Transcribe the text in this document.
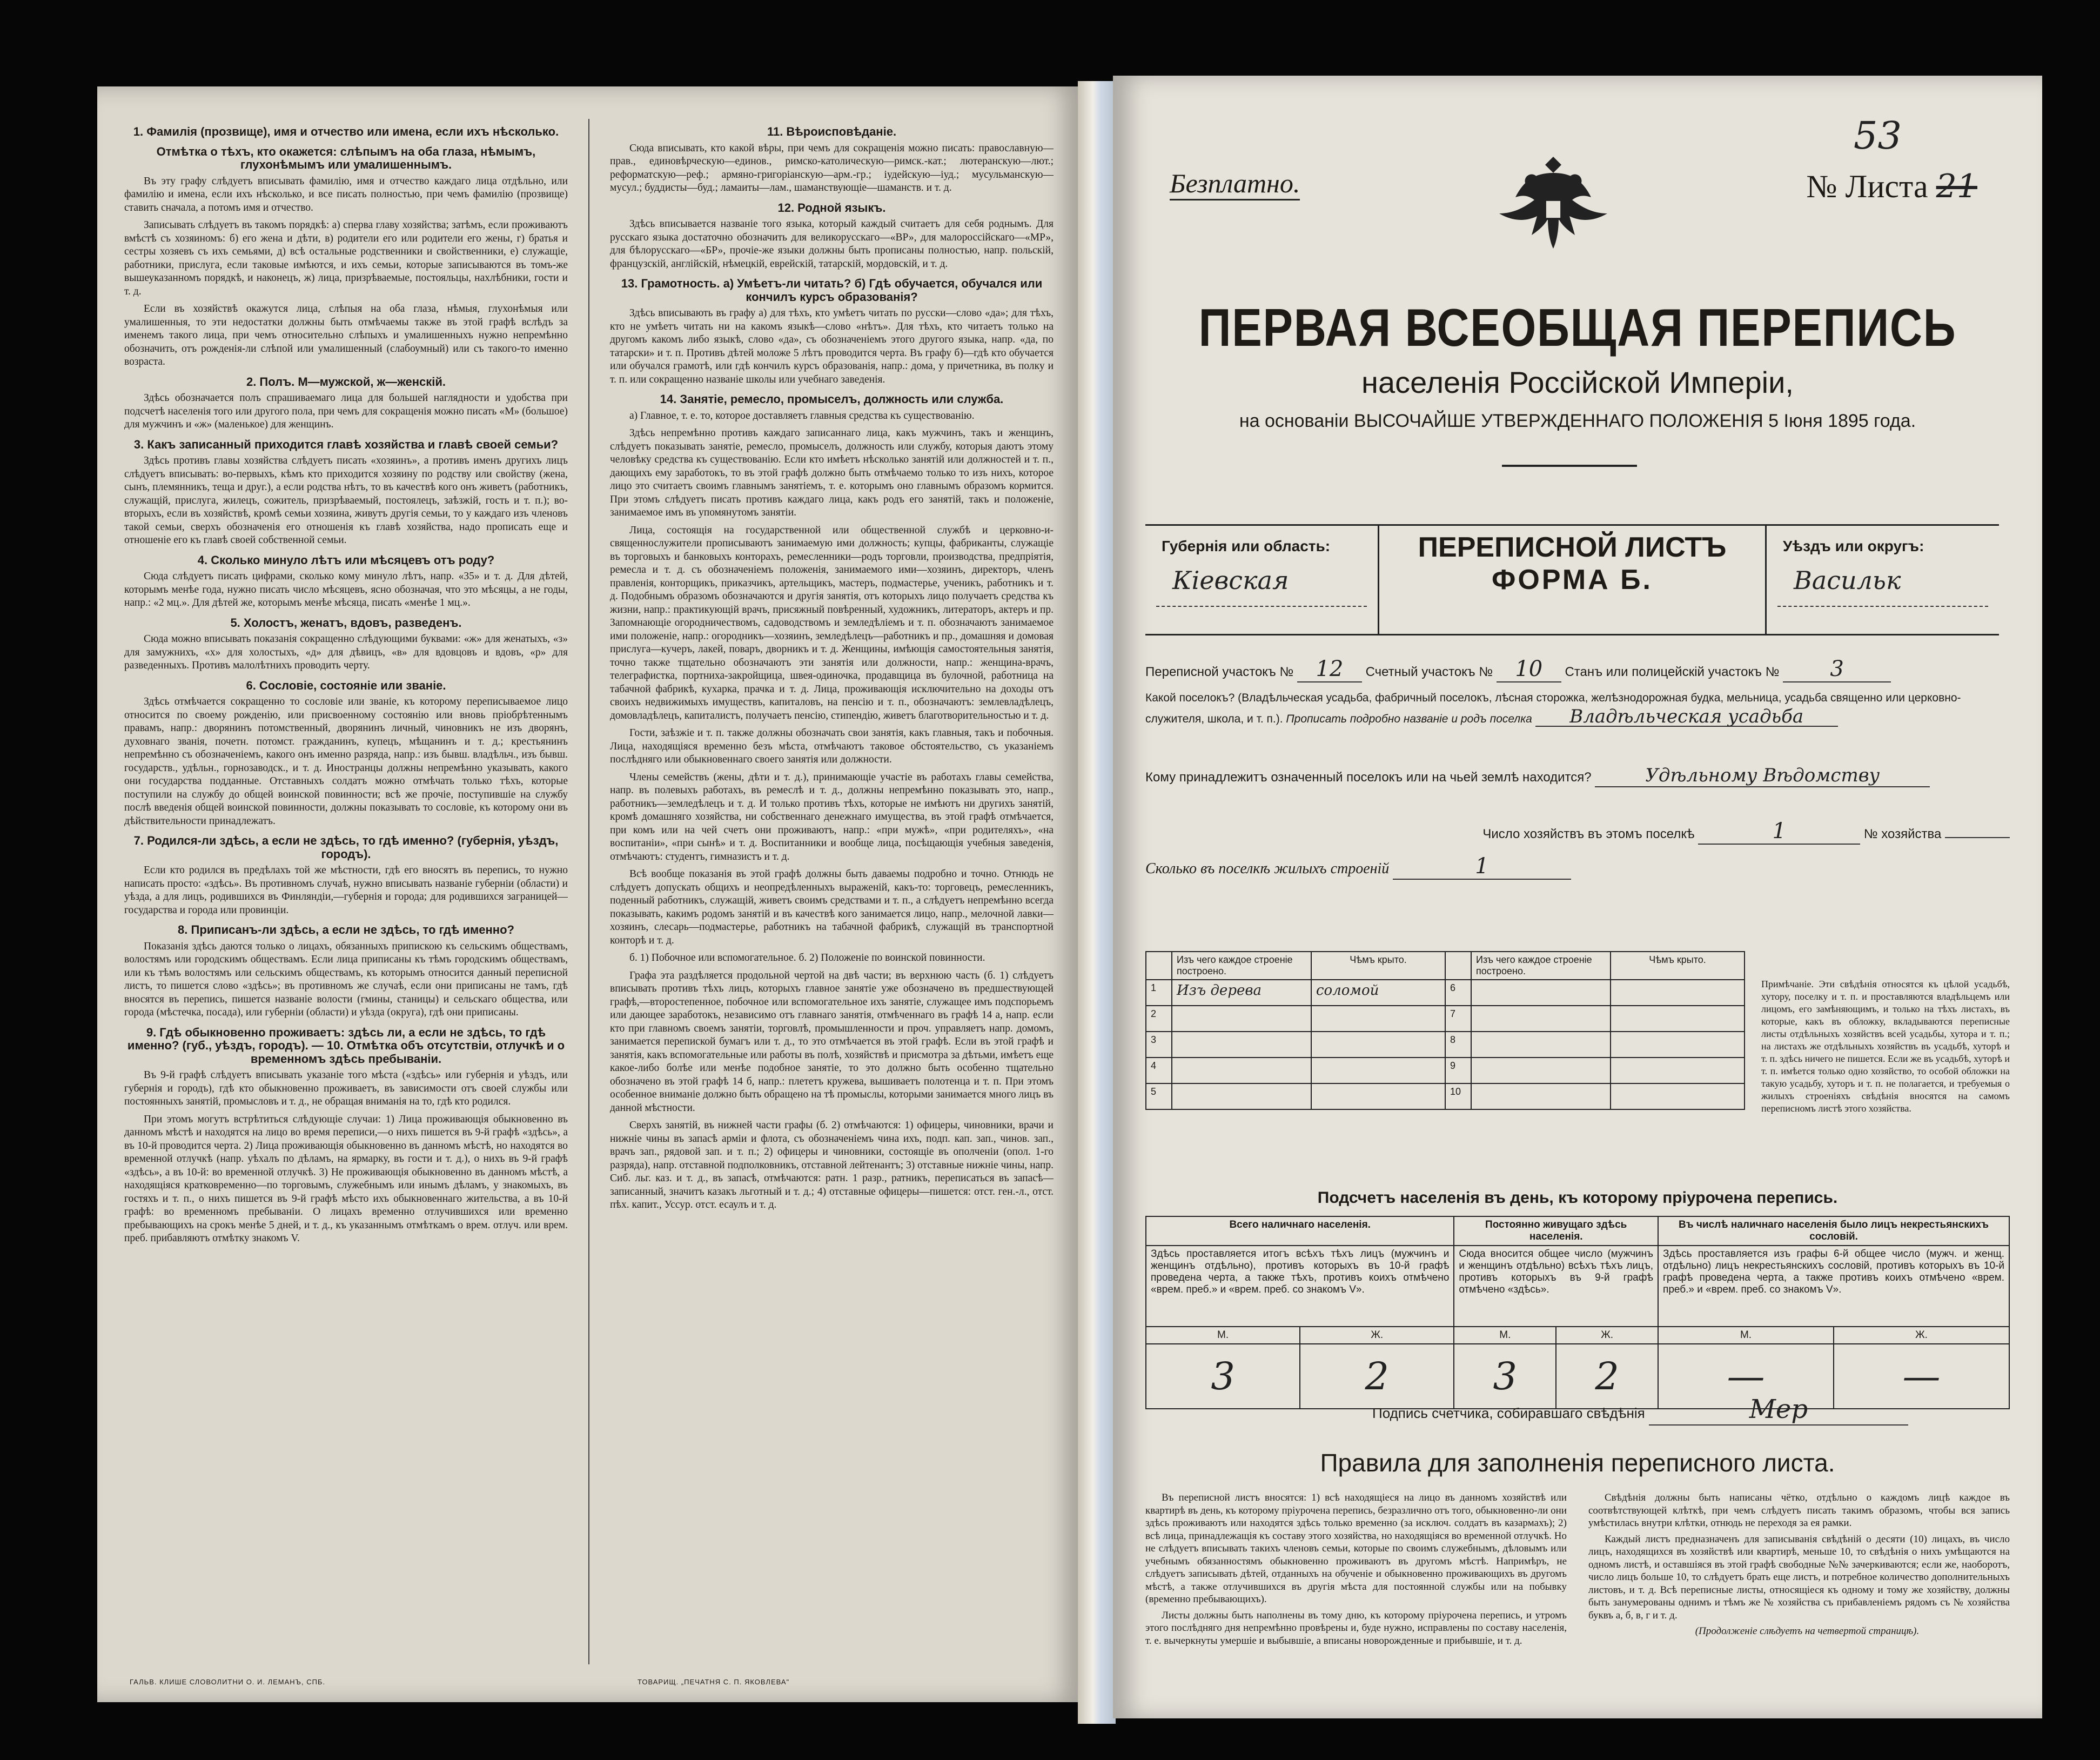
1. Фамилія (прозвище), имя и отчество или имена, если ихъ нѣсколько.
Отмѣтка о тѣхъ, кто окажется: слѣпымъ на оба глаза, нѣмымъ, глухонѣмымъ или умалишеннымъ.

Въ эту графу слѣдуетъ вписывать фамилію, имя и отчество каждаго лица отдѣльно, или фамилію и имена, если ихъ нѣсколько, и все писать полностью, при чемъ фамилію (прозвище) ставить сначала, а потомъ имя и отчество.

Записывать слѣдуетъ въ такомъ порядкѣ: а) сперва главу хозяйства; затѣмъ, если проживаютъ вмѣстѣ съ хозяиномъ: б) его жена и дѣти, в) родители его или родители его жены, г) братья и сестры хозяевъ съ ихъ семьями, д) всѣ остальные родственники и свойственники, е) служащіе, работники, прислуга, если таковые имѣются, и ихъ семьи, которые записываются въ томъ-же вышеуказанномъ порядкѣ, и наконецъ, ж) лица, призрѣваемые, постояльцы, нахлѣбники, гости и т. д.

Если въ хозяйствѣ окажутся лица, слѣпыя на оба глаза, нѣмыя, глухонѣмыя или умалишенныя, то эти недостатки должны быть отмѣчаемы также въ этой графѣ вслѣдъ за именемъ такого лица, при чемъ относительно слѣпыхъ и умалишенныхъ нужно непремѣнно обозначить, отъ рожденія-ли слѣпой или умалишенный (слабоумный) или съ такого-то именно возраста.

2. Полъ. М—мужской, ж—женскій.

Здѣсь обозначается полъ спрашиваемаго лица для большей наглядности и удобства при подсчетѣ населенія того или другого пола, при чемъ для сокращенія можно писать «М» (большое) для мужчинъ и «ж» (маленькое) для женщинъ.

3. Какъ записанный приходится главѣ хозяйства и главѣ своей семьи?

Здѣсь противъ главы хозяйства слѣдуетъ писать «хозяинъ», а противъ именъ другихъ лицъ слѣдуетъ вписывать: во-первыхъ, кѣмъ кто приходится хозяину по родству или свойству (жена, сынъ, племянникъ, теща и друг.), а если родства нѣтъ, то въ качествѣ кого онъ живетъ (работникъ, служащій, прислуга, жилецъ, сожитель, призрѣваемый, постоялецъ, заѣзжій, гость и т. п.); во-вторыхъ, если въ хозяйствѣ, кромѣ семьи хозяина, живутъ другія семьи, то у каждаго изъ членовъ такой семьи, сверхъ обозначенія его отношенія къ главѣ хозяйства, надо прописать еще и отношеніе его къ главѣ своей собственной семьи.

4. Сколько минуло лѣтъ или мѣсяцевъ отъ роду?

Сюда слѣдуетъ писать цифрами, сколько кому минуло лѣтъ, напр. «35» и т. д. Для дѣтей, которымъ менѣе года, нужно писать число мѣсяцевъ, ясно обозначая, что это мѣсяцы, а не годы, напр.: «2 мц.». Для дѣтей же, которымъ менѣе мѣсяца, писать «менѣе 1 мц.».

5. Холостъ, женатъ, вдовъ, разведенъ.

Сюда можно вписывать показанія сокращенно слѣдующими буквами: «ж» для женатыхъ, «з» для замужнихъ, «х» для холостыхъ, «д» для дѣвицъ, «в» для вдовцовъ и вдовъ, «р» для разведенныхъ. Противъ малолѣтнихъ проводить черту.

6. Сословіе, состояніе или званіе.

Здѣсь отмѣчается сокращенно то сословіе или званіе, къ которому переписываемое лицо относится по своему рожденію, или присвоенному состоянію или вновь пріобрѣтеннымъ правамъ, напр.: дворянинъ потомственный, дворянинъ личный, чиновникъ не изъ дворянъ, духовнаго званія, почетн. потомст. гражданинъ, купецъ, мѣщанинъ и т. д.; крестьянинъ непремѣнно съ обозначеніемъ, какого онъ именно разряда, напр.: изъ бывш. владѣльч., изъ бывш. государств., удѣльн., горнозаводск., и т. д. Иностранцы должны непремѣнно указывать, какого они государства подданные. Отставныхъ солдатъ можно отмѣчать только тѣхъ, которые поступили на службу до общей воинской повинности; всѣ же прочіе, поступившіе на службу послѣ введенія общей воинской повинности, должны показывать то сословіе, къ которому они въ дѣйствительности принадлежатъ.

7. Родился-ли здѣсь, а если не здѣсь, то гдѣ именно? (губернія, уѣздъ, городъ).

Если кто родился въ предѣлахъ той же мѣстности, гдѣ его вносятъ въ перепись, то нужно написать просто: «здѣсь». Въ противномъ случаѣ, нужно вписывать названіе губерніи (области) и уѣзда, а для лицъ, родившихся въ Финляндіи,—губернія и города; для родившихся заграницей—государства и города или провинціи.

8. Приписанъ-ли здѣсь, а если не здѣсь, то гдѣ именно?

Показанія здѣсь даются только о лицахъ, обязанныхъ припискою къ сельскимъ обществамъ, волостямъ или городскимъ обществамъ. Если лица приписаны къ тѣмъ городскимъ обществамъ, или къ тѣмъ волостямъ или сельскимъ обществамъ, къ которымъ относится данный переписной листъ, то пишется слово «здѣсь»; въ противномъ же случаѣ, если они приписаны не тамъ, гдѣ вносятся въ перепись, пишется названіе волости (гмины, станицы) и сельскаго общества, или города (мѣстечка, посада), или губерніи (области) и уѣзда (округа), гдѣ они приписаны.

9. Гдѣ обыкновенно проживаетъ: здѣсь ли, а если не здѣсь, то гдѣ именно? (губ., уѣздъ, городъ). — 10. Отмѣтка объ отсутствіи, отлучкѣ и о временномъ здѣсь пребываніи.

Въ 9-й графѣ слѣдуетъ вписывать указаніе того мѣста («здѣсь» или губернія и уѣздъ, или губернія и городъ), гдѣ кто обыкновенно проживаетъ, въ зависимости отъ своей службы или постоянныхъ занятій, промысловъ и т. д., не обращая вниманія на то, гдѣ кто родился.

При этомъ могутъ встрѣтиться слѣдующіе случаи: 1) Лица проживающія обыкновенно въ данномъ мѣстѣ и находятся на лицо во время переписи,—о нихъ пишется въ 9-й графѣ «здѣсь», а въ 10-й проводится черта. 2) Лица проживающія обыкновенно въ данномъ мѣстѣ, но находятся во временной отлучкѣ (напр. уѣхалъ по дѣламъ, на ярмарку, въ гости и т. д.), о нихъ въ 9-й графѣ «здѣсь», а въ 10-й: во временной отлучкѣ. 3) Не проживающія обыкновенно въ данномъ мѣстѣ, а находящіяся кратковременно—по торговымъ, служебнымъ или инымъ дѣламъ, у знакомыхъ, въ гостяхъ и т. п., о нихъ пишется въ 9-й графѣ мѣсто ихъ обыкновеннаго жительства, а въ 10-й графѣ: во временномъ пребываніи. О лицахъ временно отлучившихся или временно пребывающихъ на срокъ менѣе 5 дней, и т. д., къ указаннымъ отмѣткамъ о врем. отлуч. или врем. преб. прибавляютъ отмѣтку знакомъ V.

11. Вѣроисповѣданіе.

Сюда вписывать, кто какой вѣры, при чемъ для сокращенія можно писать: православную—прав., единовѣрческую—единов., римско-католическую—римск.-кат.; лютеранскую—лют.; реформатскую—реф.; армяно-григоріанскую—арм.-гр.; іудейскую—іуд.; мусульманскую—мусул.; буддисты—буд.; ламаиты—лам., шаманствующіе—шаманств. и т. д.

12. Родной языкъ.

Здѣсь вписывается названіе того языка, который каждый считаетъ для себя роднымъ. Для русскаго языка достаточно обозначить для великорусскаго—«ВР», для малороссійскаго—«МР», для бѣлорусскаго—«БР», прочіе-же языки должны быть прописаны полностью, напр. польскій, французскій, англійскій, нѣмецкій, еврейскій, татарскій, мордовскій, и т. д.

13. Грамотность. а) Умѣетъ-ли читать? б) Гдѣ обучается, обучался или кончилъ курсъ образованія?

Здѣсь вписывають въ графу а) для тѣхъ, кто умѣетъ читать по русски—слово «да»; для тѣхъ, кто не умѣетъ читать ни на какомъ языкѣ—слово «нѣтъ». Для тѣхъ, кто читаетъ только на другомъ какомъ либо языкѣ, слово «да», съ обозначеніемъ этого другого языка, напр. «да, по татарски» и т. п. Противъ дѣтей моложе 5 лѣтъ проводится черта. Въ графу б)—гдѣ кто обучается или обучался грамотѣ, или гдѣ кончилъ курсъ образованія, напр.: дома, у причетника, въ полку и т. п. или сокращенно названіе школы или учебнаго заведенія.

14. Занятіе, ремесло, промыселъ, должность или служба.

а) Главное, т. е. то, которое доставляетъ главныя средства къ существованію.

Здѣсь непремѣнно противъ каждаго записаннаго лица, какъ мужчинъ, такъ и женщинъ, слѣдуетъ показывать занятіе, ремесло, промыселъ, должность или службу, которыя даютъ этому человѣку средства къ существованію. Если кто имѣетъ нѣсколько занятій или должностей и т. п., дающихъ ему заработокъ, то въ этой графѣ должно быть отмѣчаемо только то изъ нихъ, которое лицо это считаетъ своимъ главнымъ занятіемъ, т. е. которымъ оно главнымъ образомъ кормится. При этомъ слѣдуетъ писать противъ каждаго лица, какъ родъ его занятій, такъ и положеніе, занимаемое имъ въ упомянутомъ занятіи.

Лица, состоящія на государственной или общественной службѣ и церковно-и-священнослужители прописываютъ занимаемую ими должность; купцы, фабриканты, служащіе въ торговыхъ и банковыхъ конторахъ, ремесленники—родъ торговли, производства, предпріятія, ремесла и т. д. съ обозначеніемъ положенія, занимаемого ими—хозяинъ, директоръ, членъ правленія, конторщикъ, приказчикъ, артельщикъ, мастеръ, подмастерье, ученикъ, работникъ и т. д. Подобнымъ образомъ обозначаются и другія занятія, отъ которыхъ лицо получаетъ средства къ жизни, напр.: практикующій врачъ, присяжный повѣренный, художникъ, литераторъ, актеръ и пр. Запомнающіе огородничествомъ, садоводствомъ и земледѣліемъ и т. п. обозначаютъ занимаемое ими положеніе, напр.: огородникъ—хозяинъ, земледѣлецъ—работникъ и пр., домашняя и домовая прислуга—кучеръ, лакей, поваръ, дворникъ и т. д. Женщины, имѣющія самостоятельныя занятія, точно также тщательно обозначаютъ эти занятія или должности, напр.: женщина-врачъ, телеграфистка, портниха-закройщица, швея-одиночка, продавщица въ булочной, работница на табачной фабрикѣ, кухарка, прачка и т. д. Лица, проживающія исключительно на доходы отъ своихъ недвижимыхъ имуществъ, капиталовъ, на пенсію и т. п., обозначаютъ: землевладѣлецъ, домовладѣлецъ, капиталистъ, получаетъ пенсію, стипендію, живетъ благотворительностью и т. д.

Гости, заѣзжіе и т. п. также должны обозначать свои занятія, какъ главныя, такъ и побочныя. Лица, находящіяся временно безъ мѣста, отмѣчаютъ таковое обстоятельство, съ указаніемъ послѣдняго или обыкновеннаго своего занятія или должности.

Члены семействъ (жены, дѣти и т. д.), принимающіе участіе въ работахъ главы семейства, напр. въ полевыхъ работахъ, въ ремеслѣ и т. д., должны непремѣнно показывать это, напр., работникъ—земледѣлецъ и т. д. И только противъ тѣхъ, которые не имѣютъ ни другихъ занятій, кромѣ домашняго хозяйства, ни собственнаго денежнаго имущества, въ этой графѣ отмѣчается, при комъ или на чей счетъ они проживаютъ, напр.: «при мужѣ», «при родителяхъ», «на воспитаніи», «при сынѣ» и т. д. Воспитанники и вообще лица, посѣщающія учебныя заведенія, отмѣчаютъ: студентъ, гимназистъ и т. д.

Всѣ вообще показанія въ этой графѣ должны быть даваемы подробно и точно. Отнюдь не слѣдуетъ допускать общихъ и неопредѣленныхъ выраженій, какъ-то: торговецъ, ремесленникъ, поденный работникъ, служащій, живетъ своимъ средствами и т. п., а слѣдуетъ непремѣнно всегда показывать, какимъ родомъ занятій и въ качествѣ кого занимается лицо, напр., мелочной лавки—хозяинъ, слесарь—подмастерье, работникъ на табачной фабрикѣ, служащій въ транспортной конторѣ и т. д.

б. 1) Побочное или вспомогательное. б. 2) Положеніе по воинской повинности.

Графа эта раздѣляется продольной чертой на двѣ части; въ верхнюю часть (б. 1) слѣдуетъ вписывать противъ тѣхъ лицъ, которыхъ главное занятіе уже обозначено въ предшествующей графѣ,—второстепенное, побочное или вспомогательное ихъ занятіе, служащее имъ подспорьемъ или дающее заработокъ, независимо отъ главнаго занятія, отмѣченнаго въ графѣ 14 а, напр. если кто при главномъ своемъ занятіи, торговлѣ, промышленности и проч. управляетъ напр. домомъ, занимается перепиской бумагъ или т. д., то это отмѣчается въ этой графѣ. Если въ этой графѣ и занятія, какъ вспомогательные или работы въ полѣ, хозяйствѣ и присмотра за дѣтьми, имѣетъ еще какое-либо болѣе или менѣе подобное занятіе, то это должно быть особенно тщательно обозначено въ этой графѣ 14 б, напр.: плететъ кружева, вышиваетъ полотенца и т. п. При этомъ особенное вниманіе должно быть обращено на тѣ промыслы, которыми занимается много лицъ въ данной мѣстности.

Сверхъ занятій, въ нижней части графы (б. 2) отмѣчаются: 1) офицеры, чиновники, врачи и нижніе чины въ запасѣ арміи и флота, съ обозначеніемъ чина ихъ, подп. кап. зап., чинов. зап., врачъ зап., рядовой зап. и т. п.; 2) офицеры и чиновники, состоящіе въ ополченіи (опол. 1-го разряда), напр. отставной подполковникъ, отставной лейтенантъ; 3) отставные нижніе чины, напр. Сиб. льг. каз. и т. д., въ запасѣ, отмѣчаются: ратн. 1 разр., ратникъ, переписаться въ запасѣ—записанный, значитъ казакъ льготный и т. д.; 4) отставные офицеры—пишется: отст. ген.-л., отст. пѣх. капит., Уссур. отст. есаулъ и т. д.

ГАЛЬВ. КЛИШЕ СЛОВОЛИТНИ О. И. ЛЕМАНЪ, СПБ.	ТОВАРИЩ. „ПЕЧАТНЯ С. П. ЯКОВЛЕВА"
53
Безплатно.	№ Листа 21
ПЕРВАЯ ВСЕОБЩАЯ ПЕРЕПИСЬ
населенія Россійской Имперіи,
на основаніи ВЫСОЧАЙШЕ УТВЕРЖДЕННАГО ПОЛОЖЕНІЯ 5 Іюня 1895 года.
Губернія или область:
Кіевская
ПЕРЕПИСНОЙ ЛИСТЪ
ФОРМА Б.
Уѣздъ или округъ:
Васильк
Переписной участокъ № 12 Счетный участокъ № 10 Станъ или полицейскій участокъ № 3
Какой поселокъ? (Владѣльческая усадьба, фабричный поселокъ, лѣсная сторожка, желѣзнодорожная будка, мельница, усадьба священно или церковно-служителя, школа, и т. п.). Прописать подробно названіе и родъ поселка Владѣльческая усадьба
Кому принадлежитъ означенный поселокъ или на чьей землѣ находится?	Удѣльному Вѣдомству
Число хозяйствъ въ этомъ поселкѣ	1	№ хозяйства
Сколько въ поселкѣ жилыхъ строеній	1
	Изъ чего каждое строеніе построено.	Чѣмъ крыто.		Изъ чего каждое строеніе построено.	Чѣмъ крыто.
1	Изъ дерева	соломой	6		
2			7		
3			8		
4			9		
5			10		
Примѣчаніе. Эти свѣдѣнія относятся къ цѣлой усадьбѣ, хутору, поселку и т. п. и проставляются владѣльцемъ или лицомъ, его замѣняющимъ, и только на тѣхъ листахъ, въ которые, какъ въ обложку, вкладываются переписные листы отдѣльныхъ хозяйствъ всей усадьбы, хутора и т. п.; на листахъ же отдѣльныхъ хозяйствъ въ усадьбѣ, хуторѣ и т. п. здѣсь ничего не пишется. Если же въ усадьбѣ, хуторѣ и т. п. имѣется только одно хозяйство, то особой обложки на такую усадьбу, хуторъ и т. п. не полагается, и требуемыя о жилыхъ строеніяхъ свѣдѣнія вносятся на самомъ переписномъ листѣ этого хозяйства.
Подсчетъ населенія въ день, къ которому пріурочена перепись.
Всего наличнаго населенія.		Постоянно живущаго здѣсь населенія.		Въ числѣ наличнаго населенія было лицъ некрестьянскихъ сословій.	
Здѣсь проставляется итогъ всѣхъ тѣхъ лицъ (мужчинъ и женщинъ отдѣльно), противъ которыхъ въ 10-й графѣ проведена черта, а также тѣхъ, противъ коихъ отмѣчено «врем. преб.» и «врем. преб. со знакомъ V».		Сюда вносится общее число (мужчинъ и женщинъ отдѣльно) всѣхъ тѣхъ лицъ, противъ которыхъ въ 9-й графѣ отмѣчено «здѣсь».		Здѣсь проставляется изъ графы 6-й общее число (мужч. и женщ. отдѣльно) лицъ некрестьянскихъ сословій, противъ которыхъ въ 10-й графѣ проведена черта, а также противъ коихъ отмѣчено «врем. преб.» и «врем. преб. со знакомъ V».	
М.	Ж.	М.	Ж.	М.	Ж.
3	2	3	2	—	—
Подпись счетчика, собиравшаго свѣдѣнія	Мер
Правила для заполненія переписного листа.

Въ переписной листъ вносятся: 1) всѣ находящіеся на лицо въ данномъ хозяйствѣ или квартирѣ въ день, къ которому пріурочена перепись, безразлично отъ того, обыкновенно-ли они здѣсь проживаютъ или находятся здѣсь только временно (за исключ. солдатъ въ казармахъ); 2) всѣ лица, принадлежащія къ составу этого хозяйства, но находящіяся во временной отлучкѣ. Но не слѣдуетъ вписывать такихъ членовъ семьи, которые по своимъ служебнымъ, дѣловымъ или учебнымъ обязанностямъ обыкновенно проживаютъ въ другомъ мѣстѣ. Напримѣръ, не слѣдуетъ записывать дѣтей, отданныхъ на обученіе и обыкновенно проживающихъ въ другомъ мѣстѣ, а также отлучившихся въ другія мѣста для постоянной службы или на побывку (временно пребывающихъ).

Листы должны быть наполнены въ тому дню, къ которому пріурочена перепись, и утромъ этого послѣдняго дня непремѣнно провѣрены и, буде нужно, исправлены по составу населенія, т. е. вычеркнуты умершіе и выбывшіе, а вписаны новорожденные и прибывшіе, и т. д.

Свѣдѣнія должны быть написаны чётко, отдѣльно о каждомъ лицѣ каждое въ соотвѣтствующей клѣткѣ, при чемъ слѣдуетъ писать такимъ образомъ, чтобы вся запись умѣстилась внутри клѣтки, отнюдь не переходя за ея рамки.

Каждый листъ предназначенъ для записыванія свѣдѣній о десяти (10) лицахъ, въ число лицъ, находящихся въ хозяйствѣ или квартирѣ, меньше 10, то свѣдѣнія о нихъ умѣщаются на одномъ листѣ, и оставшіяся въ этой графѣ свободные №№ зачеркиваются; если же, наоборотъ, число лицъ больше 10, то слѣдуетъ брать еще листъ, и потребное количество дополнительныхъ листовъ, и т. д. Всѣ переписные листы, относящіеся къ одному и тому же хозяйству, должны быть занумерованы однимъ и тѣмъ же № хозяйства съ прибавленіемъ рядомъ съ № хозяйства буквъ а, б, в, г и т. д.

(Продолженіе слѣдуетъ на четвертой страницѣ).
